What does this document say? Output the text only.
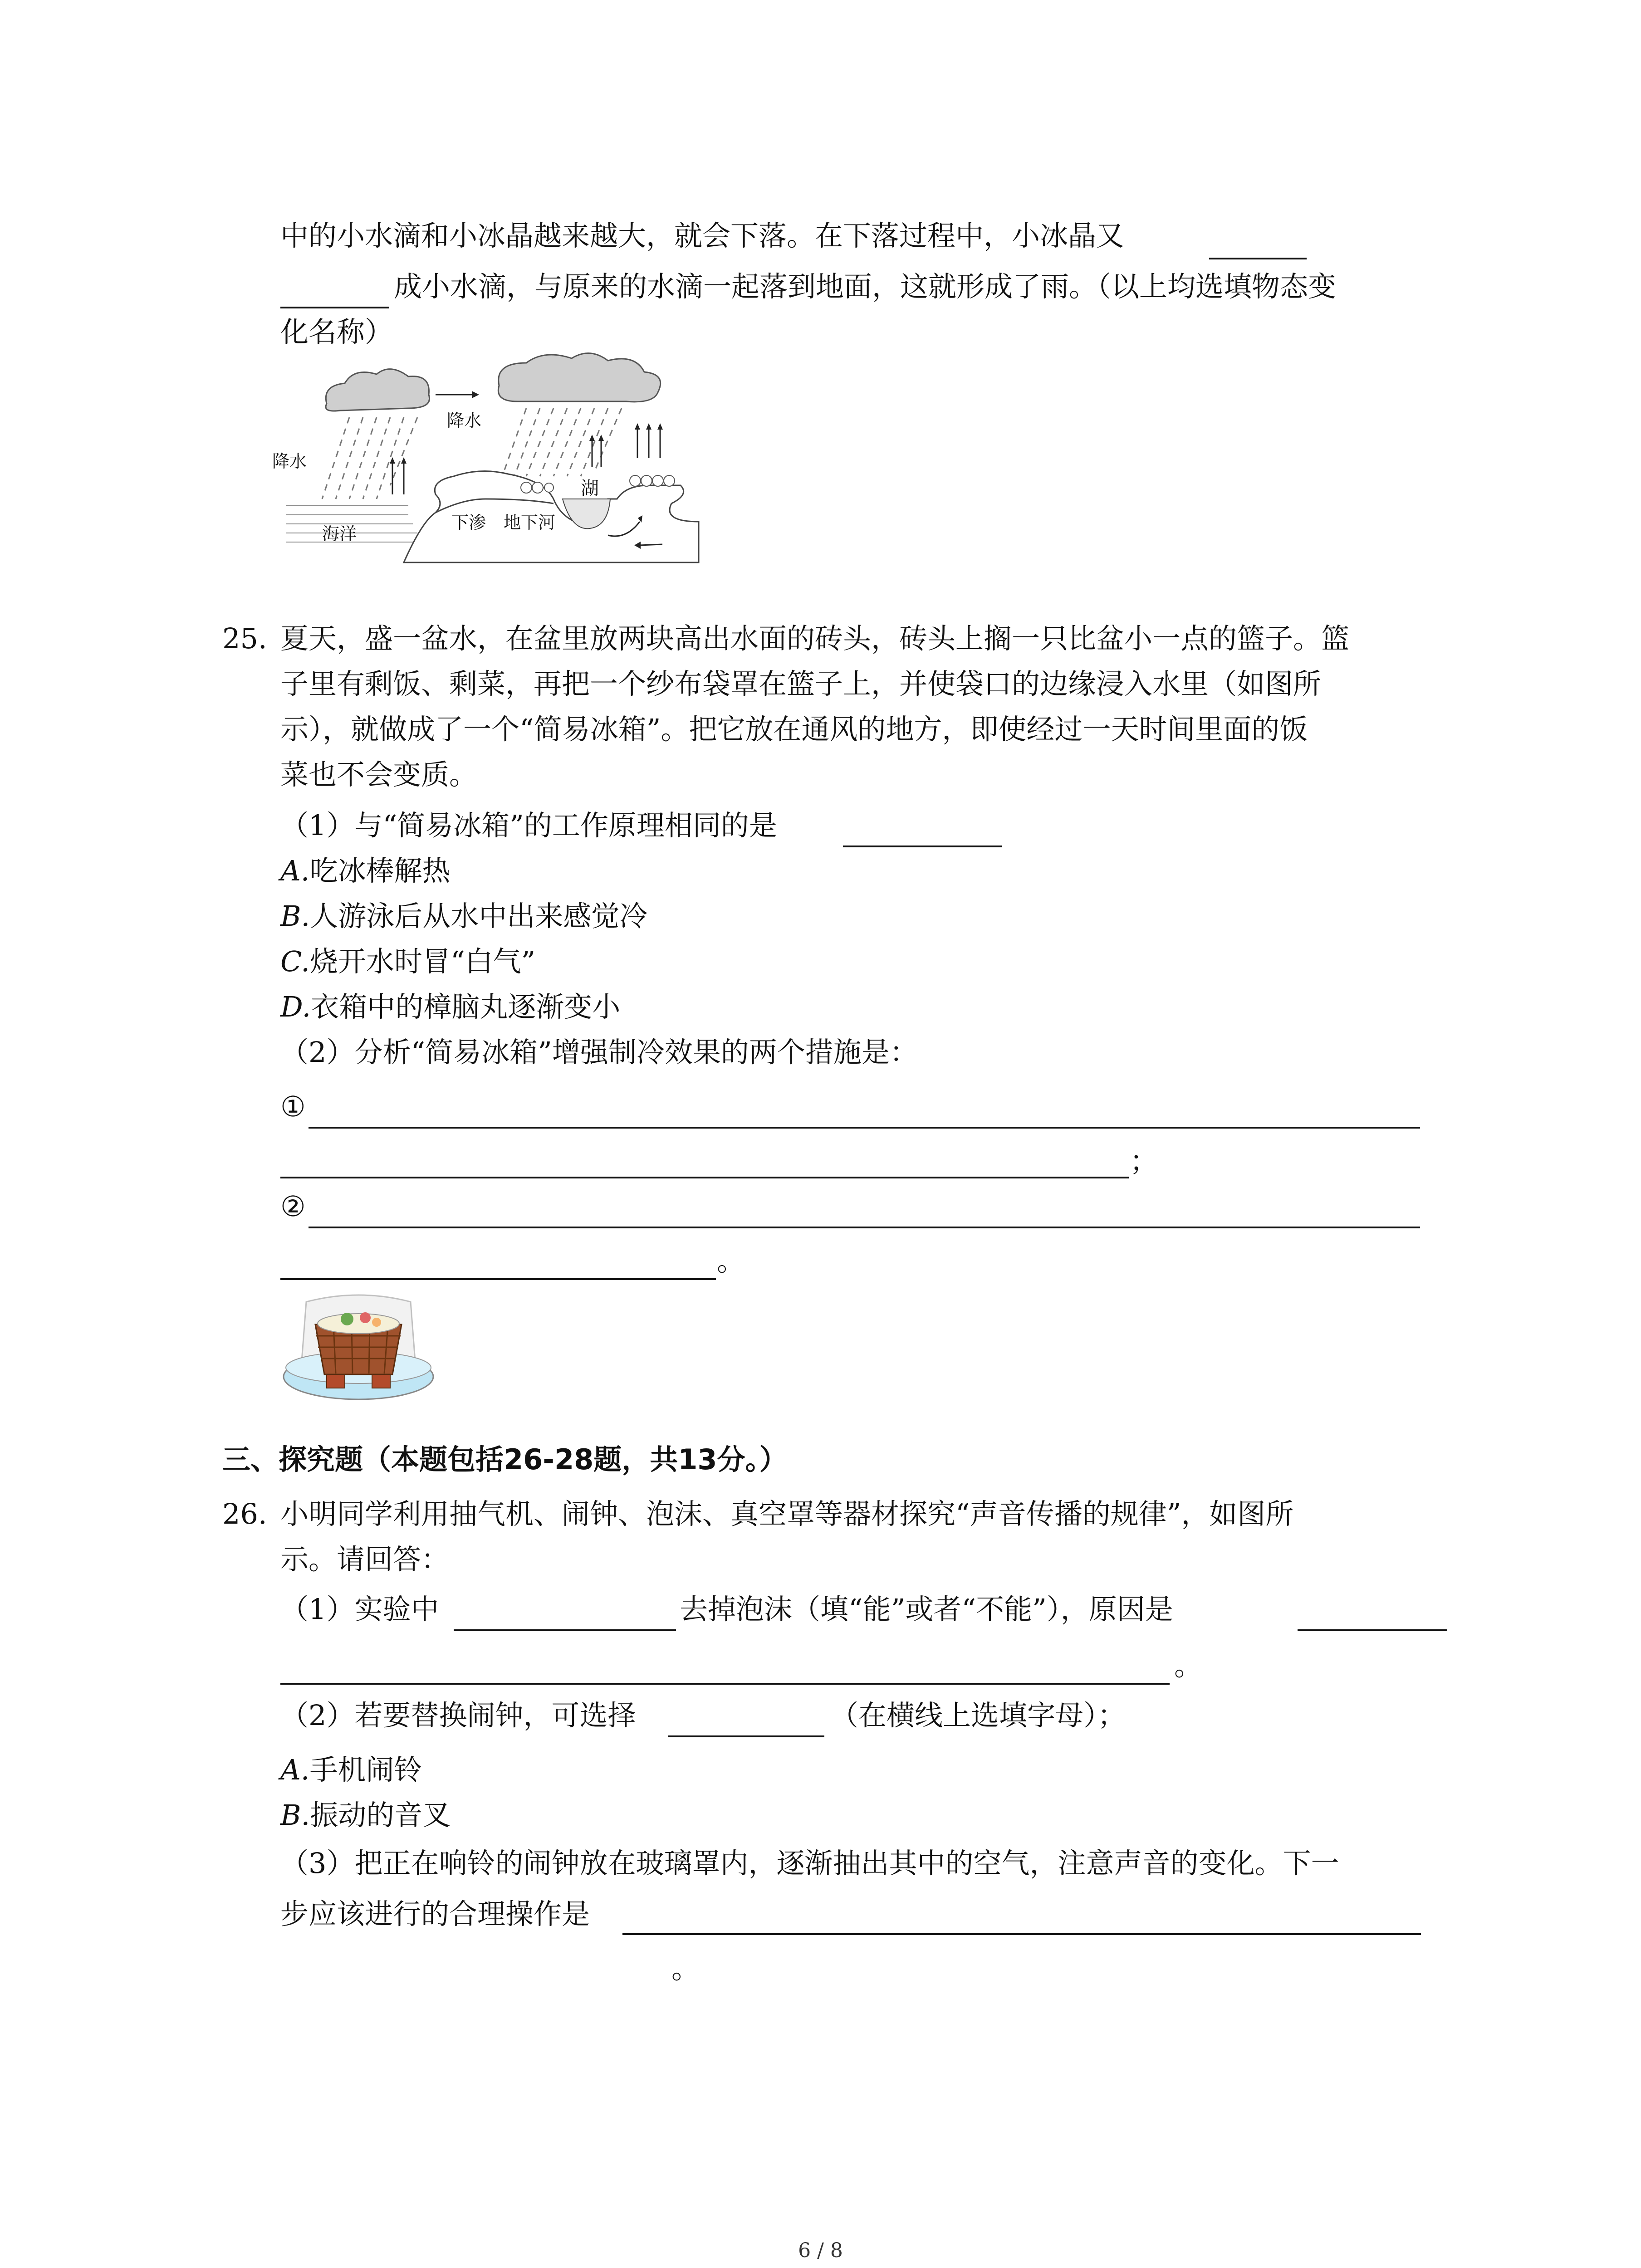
中的小水滴和小冰晶越来越大，就会下落。在下落过程中，小冰晶又
成小水滴，与原来的水滴一起落到地面，这就形成了雨。（以上均选填物态变
化名称）
降水
降水
湖
海洋
下渗 地下河
25. 夏天，盛一盆水，在盆里放两块高出水面的砖头，砖头上搁一只比盆小一点的篮子。篮
子里有剩饭、剩菜，再把一个纱布袋罩在篮子上，并使袋口的边缘浸入水里（如图所
示），就做成了一个“简易冰箱”。把它放在通风的地方，即使经过一天时间里面的饭
菜也不会变质。
（1）与“简易冰箱”的工作原理相同的是
A.吃冰棒解热
B.人游泳后从水中出来感觉冷
C.烧开水时冒“白气”
D.衣箱中的樟脑丸逐渐变小
（2）分析“简易冰箱”增强制冷效果的两个措施是：
①
；
②
。
三、探究题（本题包括26-28题，共13分。）
26. 小明同学利用抽气机、闹钟、泡沫、真空罩等器材探究“声音传播的规律”，如图所
示。请回答：
（1）实验中	去掉泡沫（填“能”或者“不能”），原因是
。
（2）若要替换闹钟，可选择	（在横线上选填字母）；
A.手机闹铃
B.振动的音叉
（3）把正在响铃的闹钟放在玻璃罩内，逐渐抽出其中的空气，注意声音的变化。下一
步应该进行的合理操作是
。
6 / 8
